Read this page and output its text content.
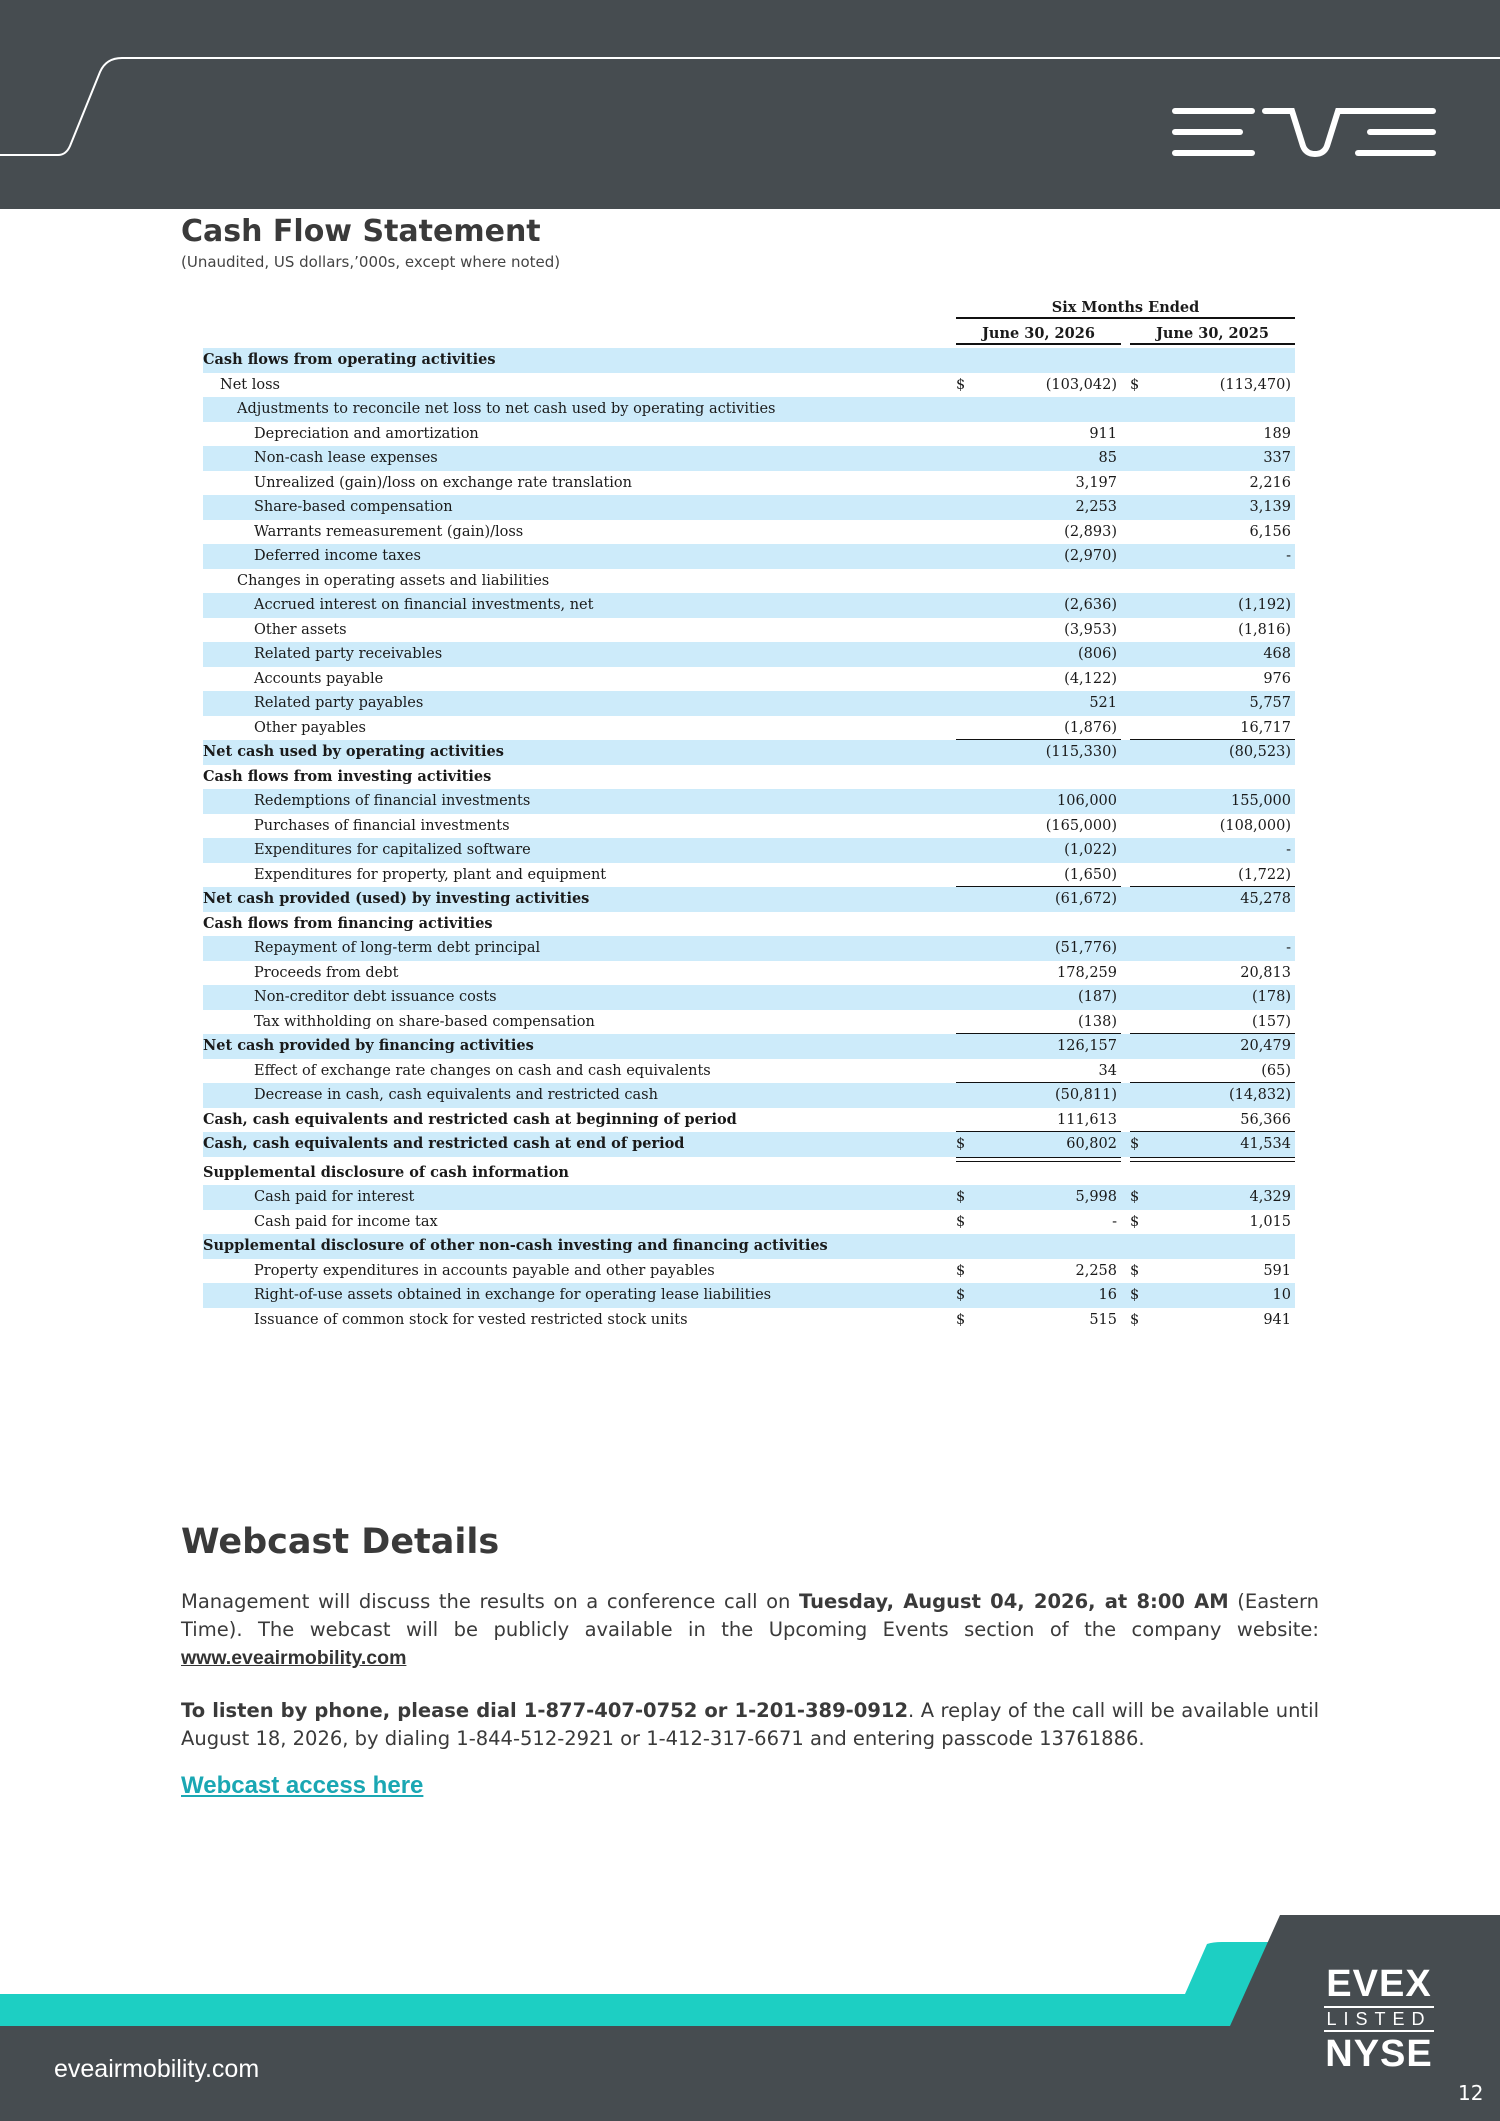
Cash Flow Statement
(Unaudited, US dollars,’000s, except where noted)
Six Months Ended
June 30, 2026	June 30, 2025
Cash flows from operating activities
Net loss	$	(103,042) $	(113,470)
Adjustments to reconcile net loss to net cash used by operating activities
Depreciation and amortization	911	189
Non-cash lease expenses	85	337
Unrealized (gain)/loss on exchange rate translation	3,197	2,216
Share-based compensation	2,253	3,139
Warrants remeasurement (gain)/loss	(2,893)	6,156
Deferred income taxes	(2,970)	-
Changes in operating assets and liabilities
Accrued interest on financial investments, net	(2,636)	(1,192)
Other assets	(3,953)	(1,816)
Related party receivables	(806)	468
Accounts payable	(4,122)	976
Related party payables	521	5,757
Other payables	(1,876)	16,717
Net cash used by operating activities	(115,330)	(80,523)
Cash flows from investing activities
Redemptions of financial investments	106,000	155,000
Purchases of financial investments	(165,000)	(108,000)
Expenditures for capitalized software	(1,022)	-
Expenditures for property, plant and equipment	(1,650)	(1,722)
Net cash provided (used) by investing activities	(61,672)	45,278
Cash flows from financing activities
Repayment of long-term debt principal	(51,776)	-
Proceeds from debt	178,259	20,813
Non-creditor debt issuance costs	(187)	(178)
Tax withholding on share-based compensation	(138)	(157)
Net cash provided by financing activities	126,157	20,479
Effect of exchange rate changes on cash and cash equivalents	34	(65)
Decrease in cash, cash equivalents and restricted cash	(50,811)	(14,832)
Cash, cash equivalents and restricted cash at beginning of period	111,613	56,366
Cash, cash equivalents and restricted cash at end of period	$	60,802 $	41,534
Supplemental disclosure of cash information
Cash paid for interest	$	5,998 $	4,329
Cash paid for income tax	$	- $	1,015
Supplemental disclosure of other non-cash investing and financing activities
Property expenditures in accounts payable and other payables	$	2,258 $	591
Right-of-use assets obtained in exchange for operating lease liabilities	$	16 $	10
Issuance of common stock for vested restricted stock units	$	515 $	941
Webcast Details
Management will discuss the results on a conference call on Tuesday, August 04, 2026, at 8:00 AM (Eastern Time). The webcast will be publicly available in the Upcoming Events section of the company website: www.eveairmobility.com
To listen by phone, please dial 1-877-407-0752 or 1-201-389-0912. A replay of the call will be available until August 18, 2026, by dialing 1-844-512-2921 or 1-412-317-6671 and entering passcode 13761886.
Webcast access here
eveairmobility.com
EVEX
LISTED
NYSE
12
